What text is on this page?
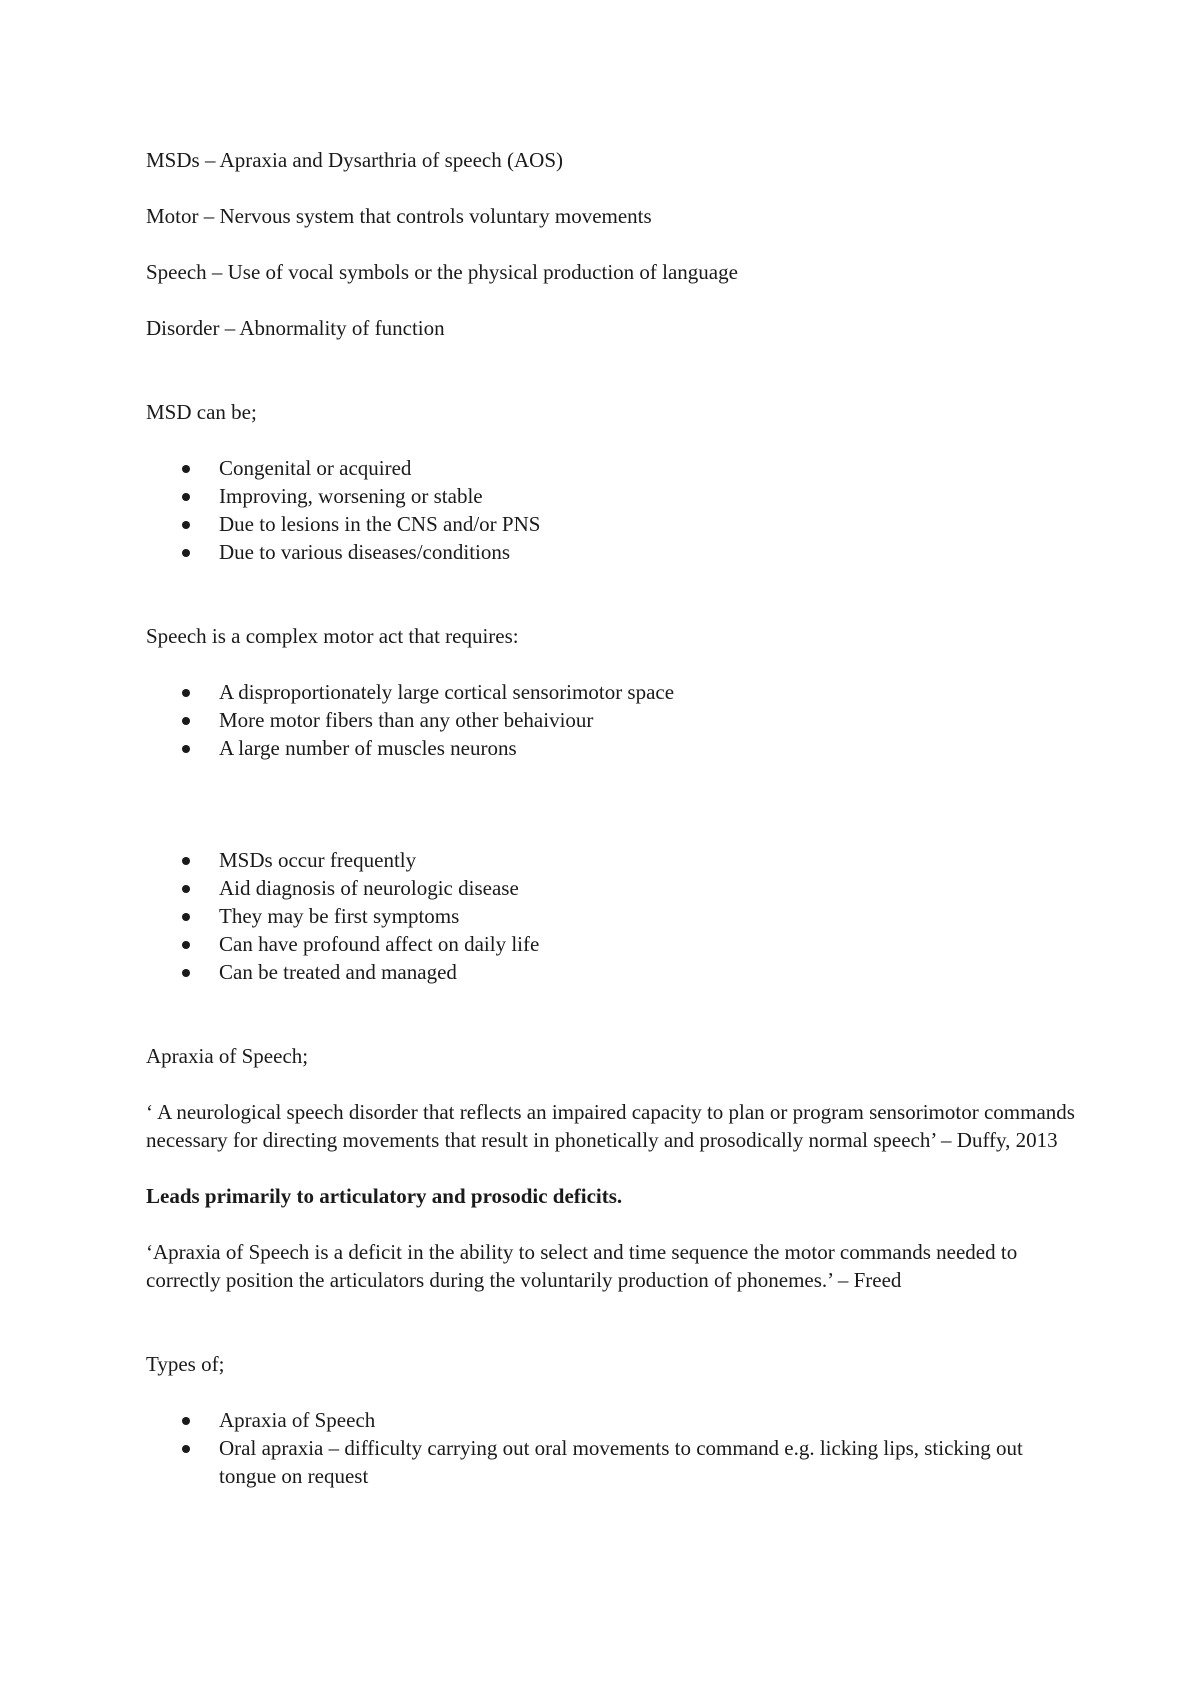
MSDs – Apraxia and Dysarthria of speech (AOS)

Motor – Nervous system that controls voluntary movements

Speech – Use of vocal symbols or the physical production of language

Disorder – Abnormality of function

MSD can be;

Congenital or acquired
Improving, worsening or stable
Due to lesions in the CNS and/or PNS
Due to various diseases/conditions

Speech is a complex motor act that requires:

A disproportionately large cortical sensorimotor space
More motor fibers than any other behaiviour
A large number of muscles neurons
MSDs occur frequently
Aid diagnosis of neurologic disease
They may be first symptoms
Can have profound affect on daily life
Can be treated and managed

Apraxia of Speech;

‘ A neurological speech disorder that reflects an impaired capacity to plan or program sensorimotor commands necessary for directing movements that result in phonetically and prosodically normal speech’ – Duffy, 2013

Leads primarily to articulatory and prosodic deficits.

‘Apraxia of Speech is a deficit in the ability to select and time sequence the motor commands needed to correctly position the articulators during the voluntarily production of phonemes.’ – Freed

Types of;

Apraxia of Speech
Oral apraxia – difficulty carrying out oral movements to command e.g. licking lips, sticking out tongue on request
